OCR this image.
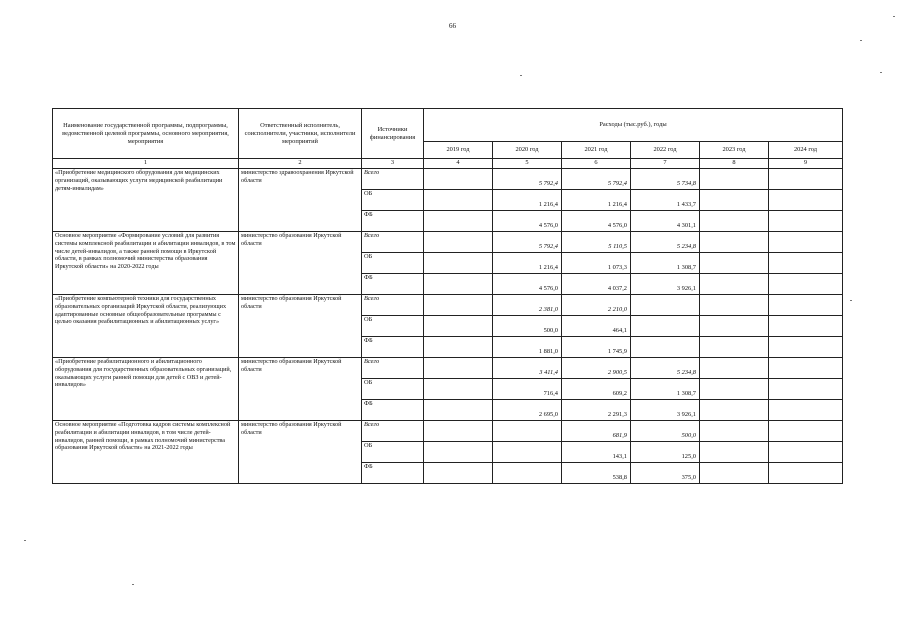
66
Наименование государственной программы, подпрограммы, ведомственной целевой программы, основного мероприятия, мероприятия	Ответственный исполнитель, соисполнители, участники, исполнители мероприятий	Источники финансирования	Расходы (тыс.руб.), годы					
			2019 год	2020 год	2021 год	2022 год	2023 год	2024 год
1	2	3	4	5	6	7	8	9
«Приобретение медицинского оборудования для медицинских организаций, оказывающих услуги медицинской реабилитации детям-инвалидам»	министерство здравоохранения Иркутской области	Всего		5 792,4	5 792,4	5 734,8		
		ОБ		1 216,4	1 216,4	1 433,7		
		ФБ		4 576,0	4 576,0	4 301,1		
Основное мероприятие «Формирование условий для развития системы комплексной реабилитации и абилитации инвалидов, в том числе детей-инвалидов, а также ранней помощи в Иркутской области, в рамках полномочий министерства образования Иркутской области» на 2020-2022 годы	министерство образования Иркутской области	Всего		5 792,4	5 110,5	5 234,8		
		ОБ		1 216,4	1 073,3	1 308,7		
		ФБ		4 576,0	4 037,2	3 926,1		
«Приобретение компьютерной техники для государственных образовательных организаций Иркутской области, реализующих адаптированные основные общеобразовательные программы с целью оказания реабилитационных и абилитационных услуг»	министерство образования Иркутской области	Всего		2 381,0	2 210,0			
		ОБ		500,0	464,1			
		ФБ		1 881,0	1 745,9			
«Приобретение реабилитационного и абилитационного оборудования для государственных образовательных организаций, оказывающих услуги ранней помощи для детей с ОВЗ и детей-инвалидов»	министерство образования Иркутской области	Всего		3 411,4	2 900,5	5 234,8		
		ОБ		716,4	609,2	1 308,7		
		ФБ		2 695,0	2 291,3	3 926,1		
Основное мероприятие «Подготовка кадров системы комплексной реабилитации и абилитации инвалидов, в том числе детей-инвалидов, ранней помощи, в рамках полномочий министерства образования Иркутской области» на 2021-2022 годы	министерство образования Иркутской области	Всего			681,9	500,0		
		ОБ			143,1	125,0		
		ФБ			538,8	375,0		
